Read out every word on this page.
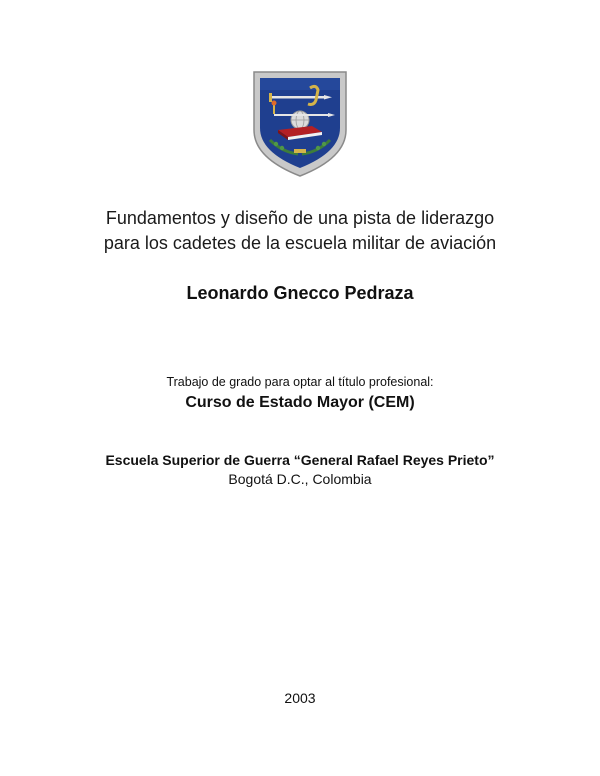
Fundamentos y diseño de una pista de liderazgo
para los cadetes de la escuela militar de aviación
Leonardo Gnecco Pedraza
Trabajo de grado para optar al título profesional:
Curso de Estado Mayor (CEM)
Escuela Superior de Guerra “General Rafael Reyes Prieto”
Bogotá D.C., Colombia
2003
